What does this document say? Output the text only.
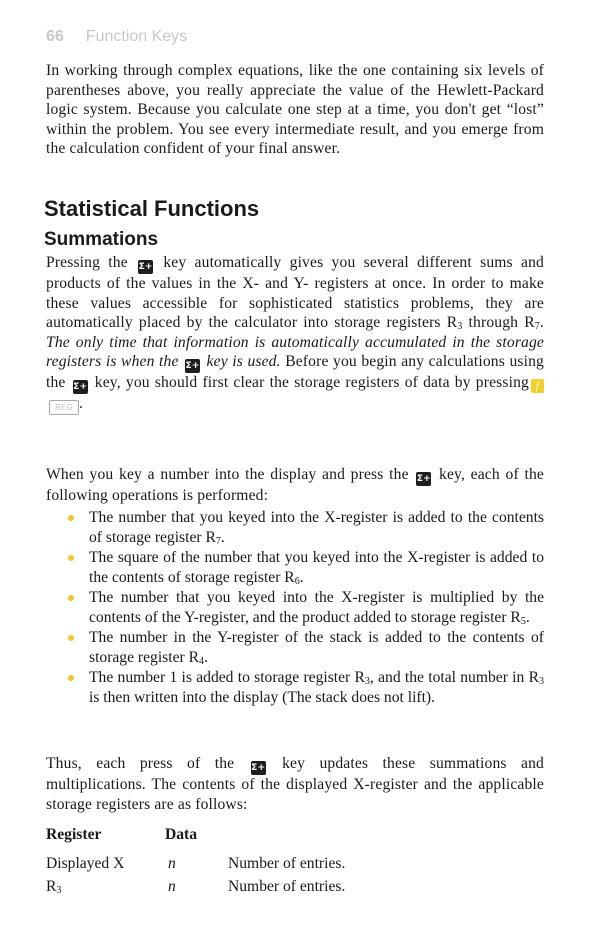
66 Function Keys

In working through complex equations, like the one containing six levels of parentheses above, you really appreciate the value of the Hewlett-Packard logic system. Because you calculate one step at a time, you don't get “lost” within the problem. You see every intermediate result, and you emerge from the calculation confident of your final answer.

Statistical Functions
Summations

Pressing the Σ+ key automatically gives you several different sums and products of the values in the X- and Y- registers at once. In order to make these values accessible for sophisticated statistics problems, they are automatically placed by the calculator into storage registers $R_3$ through $R_7$. The only time that information is automatically accumulated in the storage registers is when the Σ+ key is used. Before you begin any calculations using the Σ+ key, you should first clear the storage registers of data by pressing fREG .

When you key a number into the display and press the Σ+ key, each of the following operations is performed:

The number that you keyed into the X-register is added to the contents of storage register $R_7$.
The square of the number that you keyed into the X-register is added to the contents of storage register $R_6$.
The number that you keyed into the X-register is multiplied by the contents of the Y-register, and the product added to storage register $R_5$.
The number in the Y-register of the stack is added to the contents of storage register $R_4$.
The number 1 is added to storage register $R_3$, and the total number in $R_3$ is then written into the display (The stack does not lift).

Thus, each press of the Σ+ key updates these summations and multiplications. The contents of the displayed X-register and the applicable storage registers are as follows:

Register	Data
Displayed X	n	Number of entries.
$R_3$	n	Number of entries.
